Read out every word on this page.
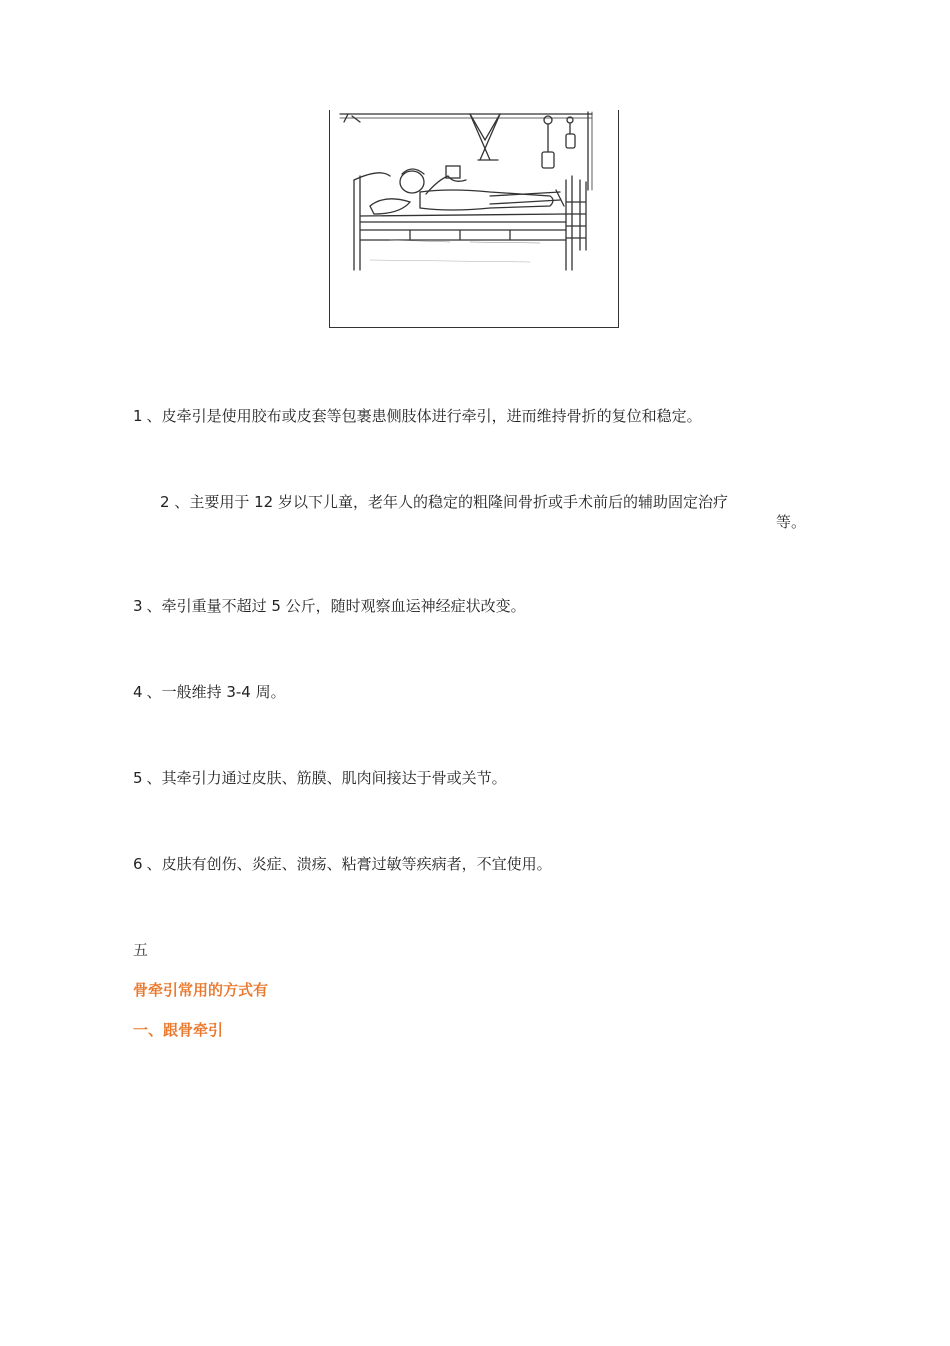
1 、皮牵引是使用胶布或皮套等包裹患侧肢体进行牵引，进而维持骨折的复位和稳定。
2 、主要用于 12 岁以下儿童，老年人的稳定的粗隆间骨折或手术前后的辅助固定治疗
等。
3 、牵引重量不超过 5 公斤，随时观察血运神经症状改变。
4 、一般维持 3-4 周。
5 、其牵引力通过皮肤、筋膜、肌肉间接达于骨或关节。
6 、皮肤有创伤、炎症、溃疡、粘膏过敏等疾病者，不宜使用。
五
骨牵引常用的方式有
一、跟骨牵引
